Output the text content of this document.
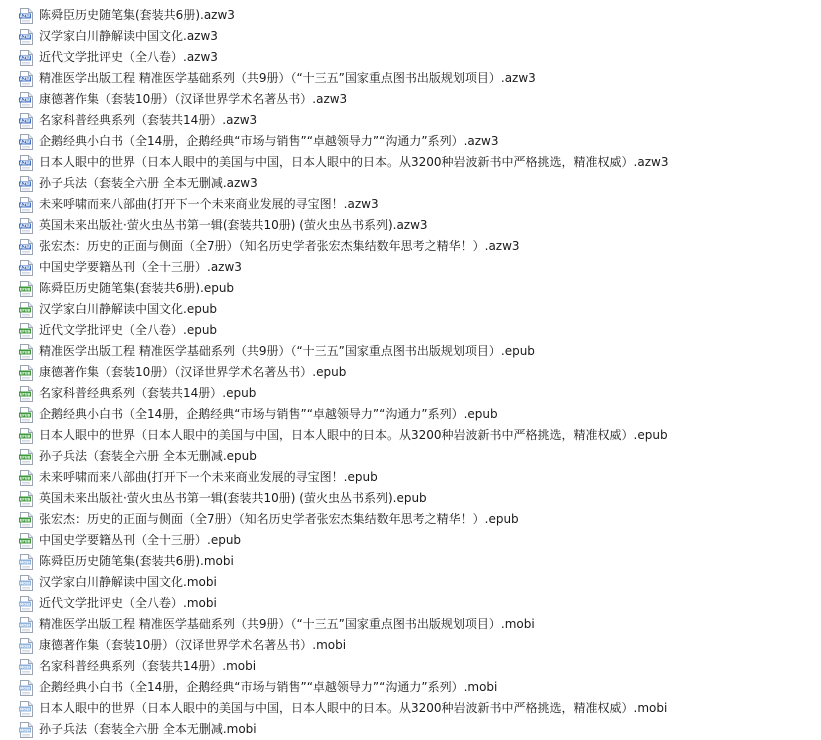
AZW 陈舜臣历史随笔集(套装共6册).azw3
AZW 汉学家白川静解读中国文化.azw3
AZW 近代文学批评史（全八卷）.azw3
AZW 精准医学出版工程 精准医学基础系列（共9册）（“十三五”国家重点图书出版规划项目）.azw3
AZW 康德著作集（套装10册）（汉译世界学术名著丛书）.azw3
AZW 名家科普经典系列（套装共14册）.azw3
AZW 企鹅经典小白书（全14册，企鹅经典“市场与销售”“卓越领导力”“沟通力”系列）.azw3
AZW 日本人眼中的世界（日本人眼中的美国与中国，日本人眼中的日本。从3200种岩波新书中严格挑选，精准权威）.azw3
AZW 孙子兵法（套装全六册 全本无删减.azw3
AZW 未来呼啸而来八部曲(打开下一个未来商业发展的寻宝图！.azw3
AZW 英国未来出版社·萤火虫丛书第一辑(套装共10册) (萤火虫丛书系列).azw3
AZW 张宏杰：历史的正面与侧面（全7册）（知名历史学者张宏杰集结数年思考之精华！）.azw3
AZW 中国史学要籍丛刊（全十三册）.azw3
EPUB 陈舜臣历史随笔集(套装共6册).epub
EPUB 汉学家白川静解读中国文化.epub
EPUB 近代文学批评史（全八卷）.epub
EPUB 精准医学出版工程 精准医学基础系列（共9册）（“十三五”国家重点图书出版规划项目）.epub
EPUB 康德著作集（套装10册）（汉译世界学术名著丛书）.epub
EPUB 名家科普经典系列（套装共14册）.epub
EPUB 企鹅经典小白书（全14册，企鹅经典“市场与销售”“卓越领导力”“沟通力”系列）.epub
EPUB 日本人眼中的世界（日本人眼中的美国与中国，日本人眼中的日本。从3200种岩波新书中严格挑选，精准权威）.epub
EPUB 孙子兵法（套装全六册 全本无删减.epub
EPUB 未来呼啸而来八部曲(打开下一个未来商业发展的寻宝图！.epub
EPUB 英国未来出版社·萤火虫丛书第一辑(套装共10册) (萤火虫丛书系列).epub
EPUB 张宏杰：历史的正面与侧面（全7册）（知名历史学者张宏杰集结数年思考之精华！）.epub
EPUB 中国史学要籍丛刊（全十三册）.epub
MOBI 陈舜臣历史随笔集(套装共6册).mobi
MOBI 汉学家白川静解读中国文化.mobi
MOBI 近代文学批评史（全八卷）.mobi
MOBI 精准医学出版工程 精准医学基础系列（共9册）（“十三五”国家重点图书出版规划项目）.mobi
MOBI 康德著作集（套装10册）（汉译世界学术名著丛书）.mobi
MOBI 名家科普经典系列（套装共14册）.mobi
MOBI 企鹅经典小白书（全14册，企鹅经典“市场与销售”“卓越领导力”“沟通力”系列）.mobi
MOBI 日本人眼中的世界（日本人眼中的美国与中国，日本人眼中的日本。从3200种岩波新书中严格挑选，精准权威）.mobi
MOBI 孙子兵法（套装全六册 全本无删减.mobi
